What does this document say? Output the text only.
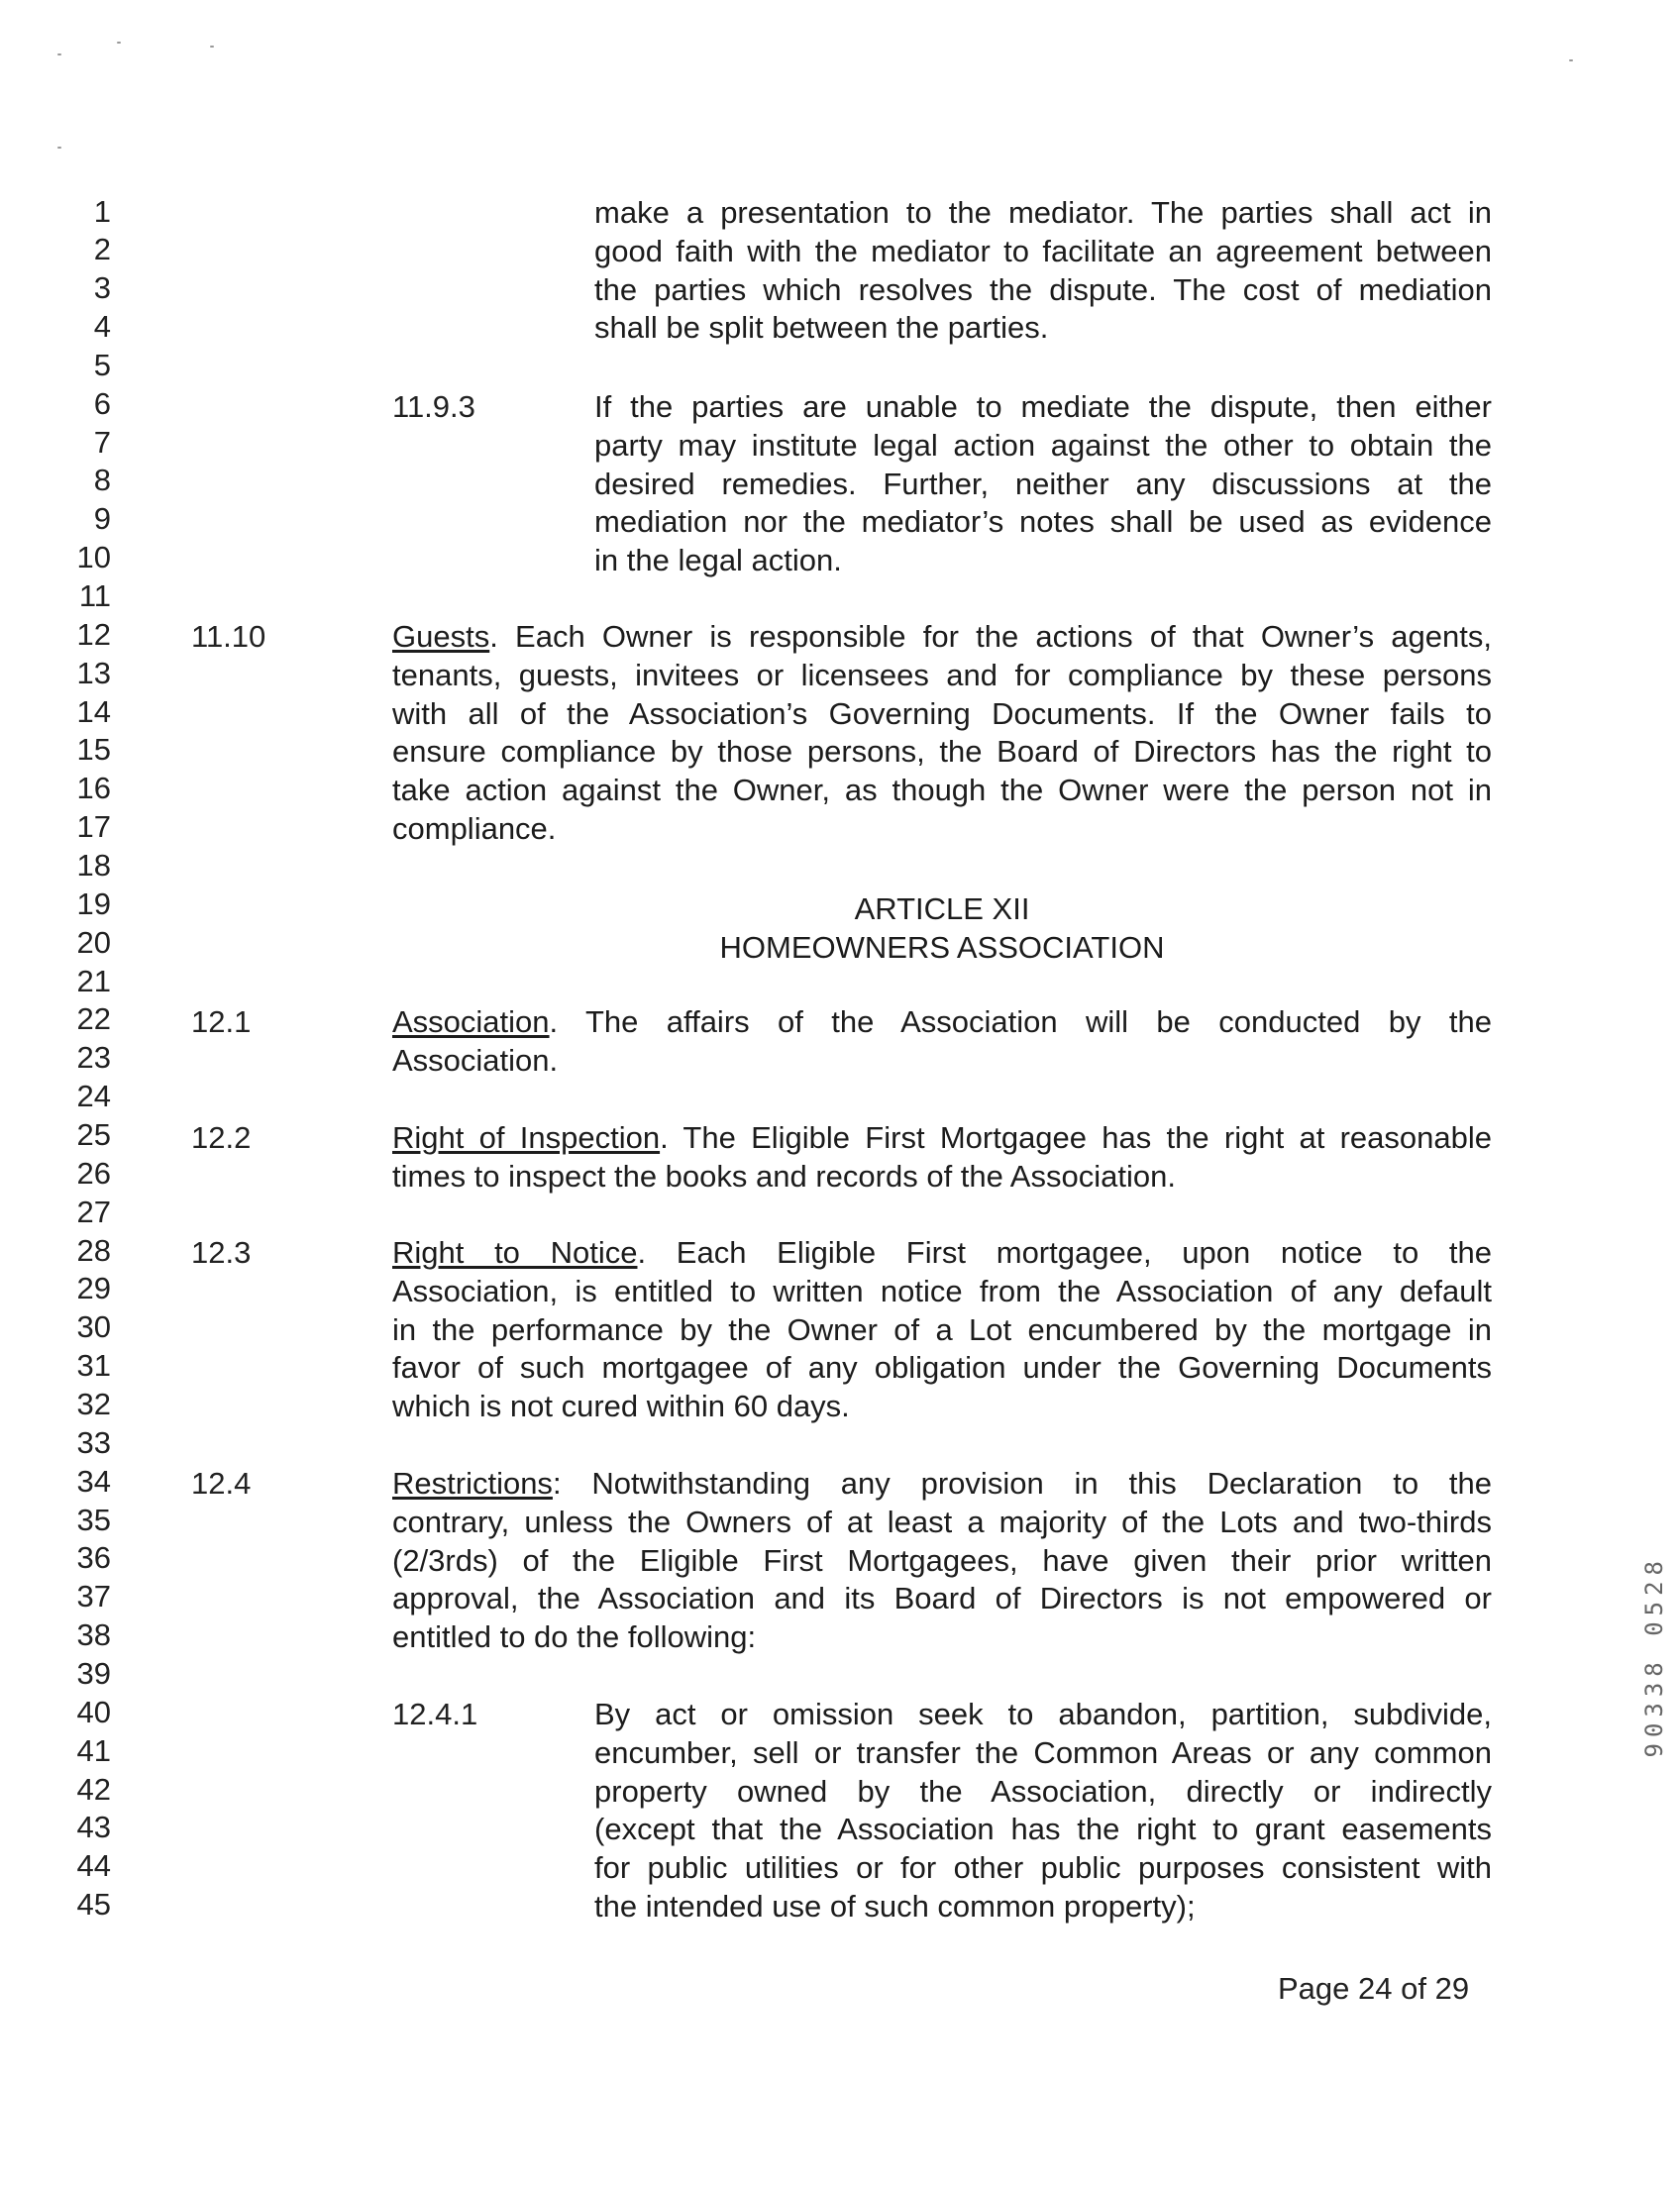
1
2
3
4
5
6
7
8
9
10
11
12
13
14
15
16
17
18
19
20
21
22
23
24
25
26
27
28
29
30
31
32
33
34
35
36
37
38
39
40
41
42
43
44
45
make a presentation to the mediator. The parties shall act in
good faith with the mediator to facilitate an agreement between
the parties which resolves the dispute. The cost of mediation
shall be split between the parties.
11.9.3	If the parties are unable to mediate the dispute, then either
party may institute legal action against the other to obtain the
desired remedies. Further, neither any discussions at the
mediation nor the mediator’s notes shall be used as evidence
in the legal action.
11.10	Guests. Each Owner is responsible for the actions of that Owner’s agents,
tenants, guests, invitees or licensees and for compliance by these persons
with all of the Association’s Governing Documents. If the Owner fails to
ensure compliance by those persons, the Board of Directors has the right to
take action against the Owner, as though the Owner were the person not in
compliance.
ARTICLE XII
HOMEOWNERS ASSOCIATION
12.1	Association. The affairs of the Association will be conducted by the
Association.
12.2	Right of Inspection. The Eligible First Mortgagee has the right at reasonable
times to inspect the books and records of the Association.
12.3	Right to Notice. Each Eligible First mortgagee, upon notice to the
Association, is entitled to written notice from the Association of any default
in the performance by the Owner of a Lot encumbered by the mortgage in
favor of such mortgagee of any obligation under the Governing Documents
which is not cured within 60 days.
12.4	Restrictions: Notwithstanding any provision in this Declaration to the
contrary, unless the Owners of at least a majority of the Lots and two-thirds
(2/3rds) of the Eligible First Mortgagees, have given their prior written
approval, the Association and its Board of Directors is not empowered or
entitled to do the following:
12.4.1	By act or omission seek to abandon, partition, subdivide,
encumber, sell or transfer the Common Areas or any common
property owned by the Association, directly or indirectly
(except that the Association has the right to grant easements
for public utilities or for other public purposes consistent with
the intended use of such common property);
Page 24 of 29
90338 0528
